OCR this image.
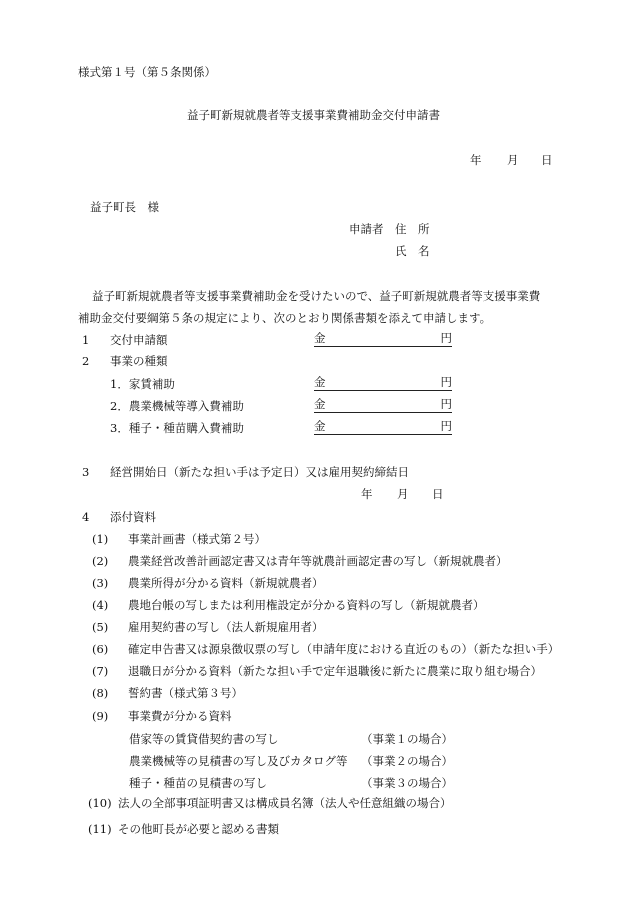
様式第１号（第５条関係）
益子町新規就農者等支援事業費補助金交付申請書
年 月 日
益子町長　様
申請者 住　所
氏　名
益子町新規就農者等支援事業費補助金を受けたいので、益子町新規就農者等支援事業費
補助金交付要綱第５条の規定により、次のとおり関係書類を添えて申請します。
1 交付申請額	金	円
2 事業の種類
1．家賃補助	金	円
2．農業機械等導入費補助	金	円
3．種子・種苗購入費補助	金	円
3 経営開始日（新たな担い手は予定日）又は雇用契約締結日
年 月 日
4 添付資料
(1) 事業計画書（様式第２号）
(2) 農業経営改善計画認定書又は青年等就農計画認定書の写し（新規就農者）
(3) 農業所得が分かる資料（新規就農者）
(4) 農地台帳の写しまたは利用権設定が分かる資料の写し（新規就農者）
(5) 雇用契約書の写し（法人新規雇用者）
(6) 確定申告書又は源泉徴収票の写し（申請年度における直近のもの）（新たな担い手）
(7) 退職日が分かる資料（新たな担い手で定年退職後に新たに農業に取り組む場合）
(8) 誓約書（様式第３号）
(9) 事業費が分かる資料
借家等の賃貸借契約書の写し	（事業１の場合）
農業機械等の見積書の写し及びカタログ等 （事業２の場合）
種子・種苗の見積書の写し	（事業３の場合）
(10) 法人の全部事項証明書又は構成員名簿（法人や任意組織の場合）
(11) その他町長が必要と認める書類
